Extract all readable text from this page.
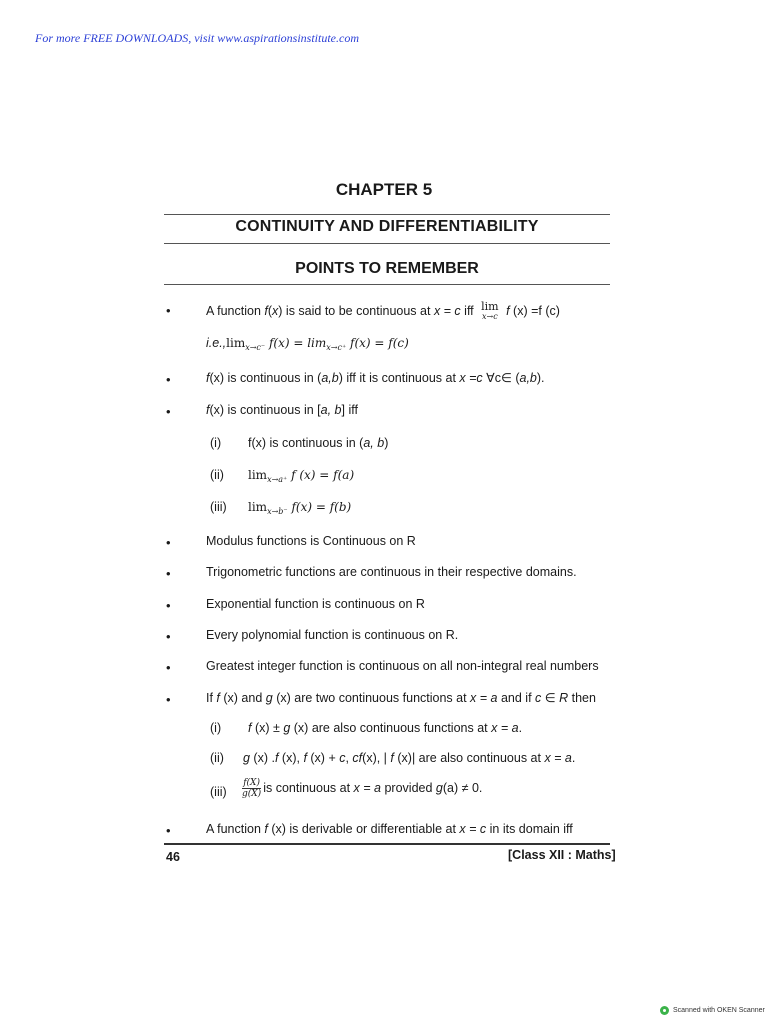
For more FREE DOWNLOADS, visit www.aspirationsinstitute.com
CHAPTER 5
CONTINUITY AND DIFFERENTIABILITY
POINTS TO REMEMBER
•	A function f(x) is said to be continuous at x = c iff lim
x→c f (x) =f (c)
$i.e.,\lim_{x\to c^-}$ $f(x) = \lim_{x\to c^+} f(x) = f(c)$
•	f(x) is continuous in (a,b) iff it is continuous at x =c ∀c∈ (a,b).
•	f(x) is continuous in [a, b] iff
(i) f(x) is continuous in (a, b)
(ii) $\lim_{x\to a^+} f$ (x) = f(a)
(iii) $\lim_{x\to b^-} f(x) = f(b)$
•	Modulus functions is Continuous on R
•	Trigonometric functions are continuous in their respective domains.
•	Exponential function is continuous on R
•	Every polynomial function is continuous on R.
•	Greatest integer function is continuous on all non-integral real numbers
•	If f (x) and g (x) are two continuous functions at x = a and if c ∈ R then
(i) f (x) ± g (x) are also continuous functions at x = a.
(ii) g (x) .f (x), f (x) + c, cf(x), | f (x)| are also continuous at x = a.
$(iii) \frac{f(X)}{g(X)}$ is continuous at x = a provided g(a) ≠ 0.
•	A function f (x) is derivable or differentiable at x = c in its domain iff
46	[Class XII : Maths]
Scanned with OKEN Scanner
